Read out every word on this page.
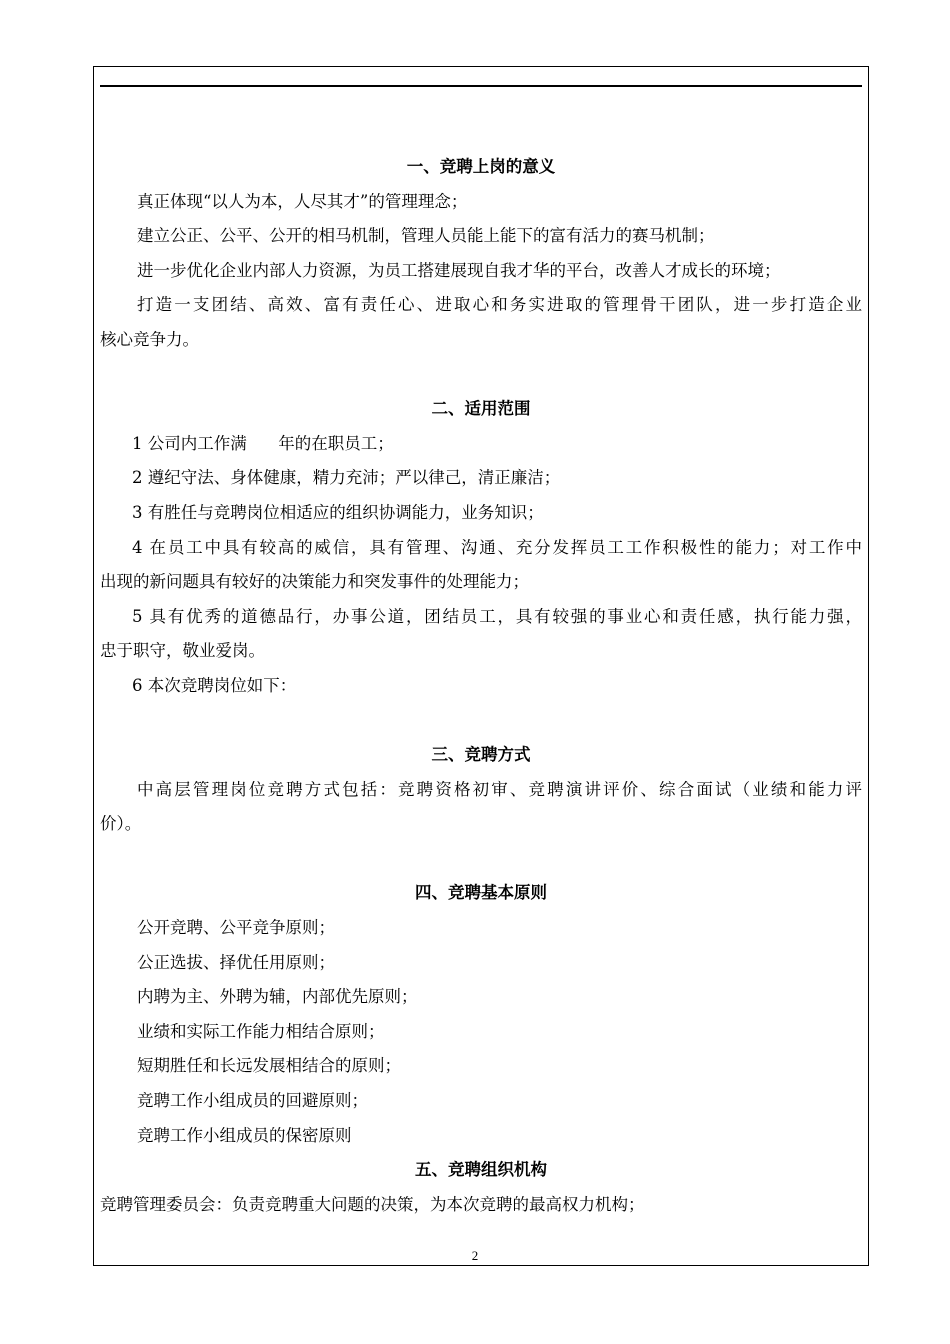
一、竞聘上岗的意义
真正体现“以人为本，人尽其才”的管理理念；
建立公正、公平、公开的相马机制，管理人员能上能下的富有活力的赛马机制；
进一步优化企业内部人力资源，为员工搭建展现自我才华的平台，改善人才成长的环境；
打造一支团结、高效、富有责任心、进取心和务实进取的管理骨干团队，进一步打造企业
核心竞争力。
二、适用范围
1 公司内工作满      年的在职员工；
2 遵纪守法、身体健康，精力充沛；严以律己，清正廉洁；
3 有胜任与竞聘岗位相适应的组织协调能力，业务知识；
4 在员工中具有较高的威信，具有管理、沟通、充分发挥员工工作积极性的能力；对工作中
出现的新问题具有较好的决策能力和突发事件的处理能力；
5 具有优秀的道德品行，办事公道，团结员工，具有较强的事业心和责任感，执行能力强，
忠于职守，敬业爱岗。
6 本次竞聘岗位如下：
三、竞聘方式
中高层管理岗位竞聘方式包括：竞聘资格初审、竞聘演讲评价、综合面试（业绩和能力评
价）。
四、竞聘基本原则
公开竞聘、公平竞争原则；
公正选拔、择优任用原则；
内聘为主、外聘为辅，内部优先原则；
业绩和实际工作能力相结合原则；
短期胜任和长远发展相结合的原则；
竞聘工作小组成员的回避原则；
竞聘工作小组成员的保密原则
五、竞聘组织机构
竞聘管理委员会：负责竞聘重大问题的决策，为本次竞聘的最高权力机构；
2
